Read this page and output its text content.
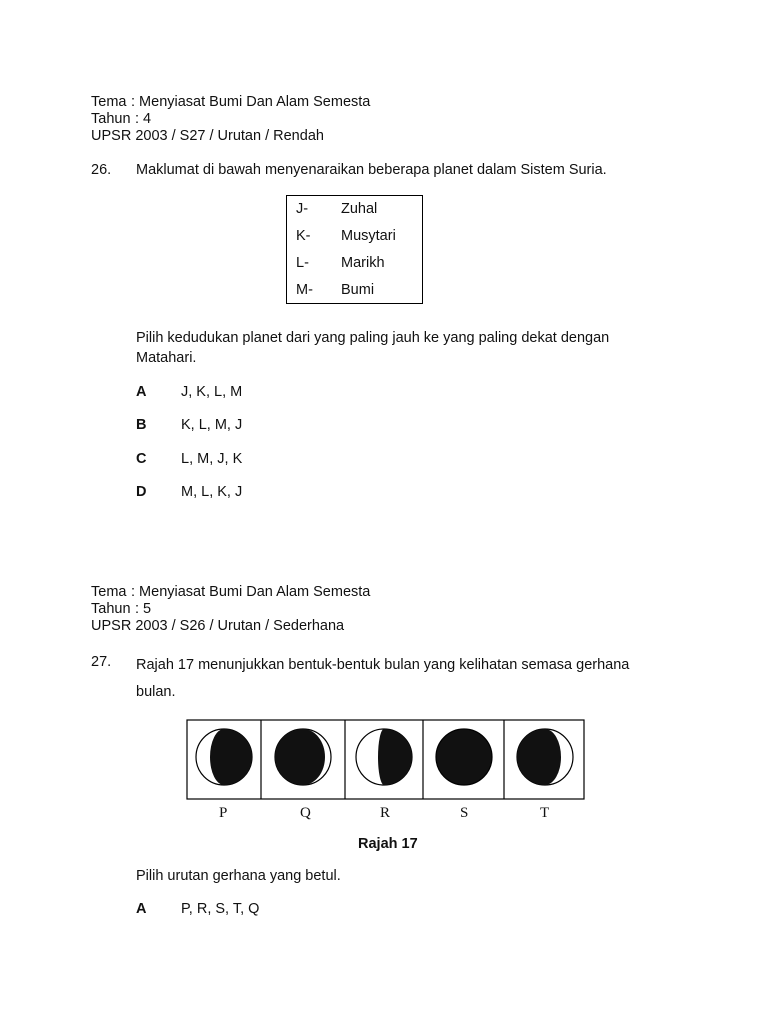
Tema : Menyiasat Bumi Dan Alam Semesta
Tahun : 4
UPSR 2003 / S27 / Urutan / Rendah
26. Maklumat di bawah menyenaraikan beberapa planet dalam Sistem Suria.
J- Zuhal
K- Musytari
L- Marikh
M- Bumi
Pilih kedudukan planet dari yang paling jauh ke yang paling dekat dengan
Matahari.
A J, K, L, M
B K, L, M, J
C L, M, J, K
D M, L, K, J
Tema : Menyiasat Bumi Dan Alam Semesta
Tahun : 5
UPSR 2003 / S26 / Urutan / Sederhana
27. Rajah 17 menunjukkan bentuk-bentuk bulan yang kelihatan semasa gerhana
bulan.
P	Q	R	S	T
Rajah 17
Pilih urutan gerhana yang betul.
A P, R, S, T, Q
